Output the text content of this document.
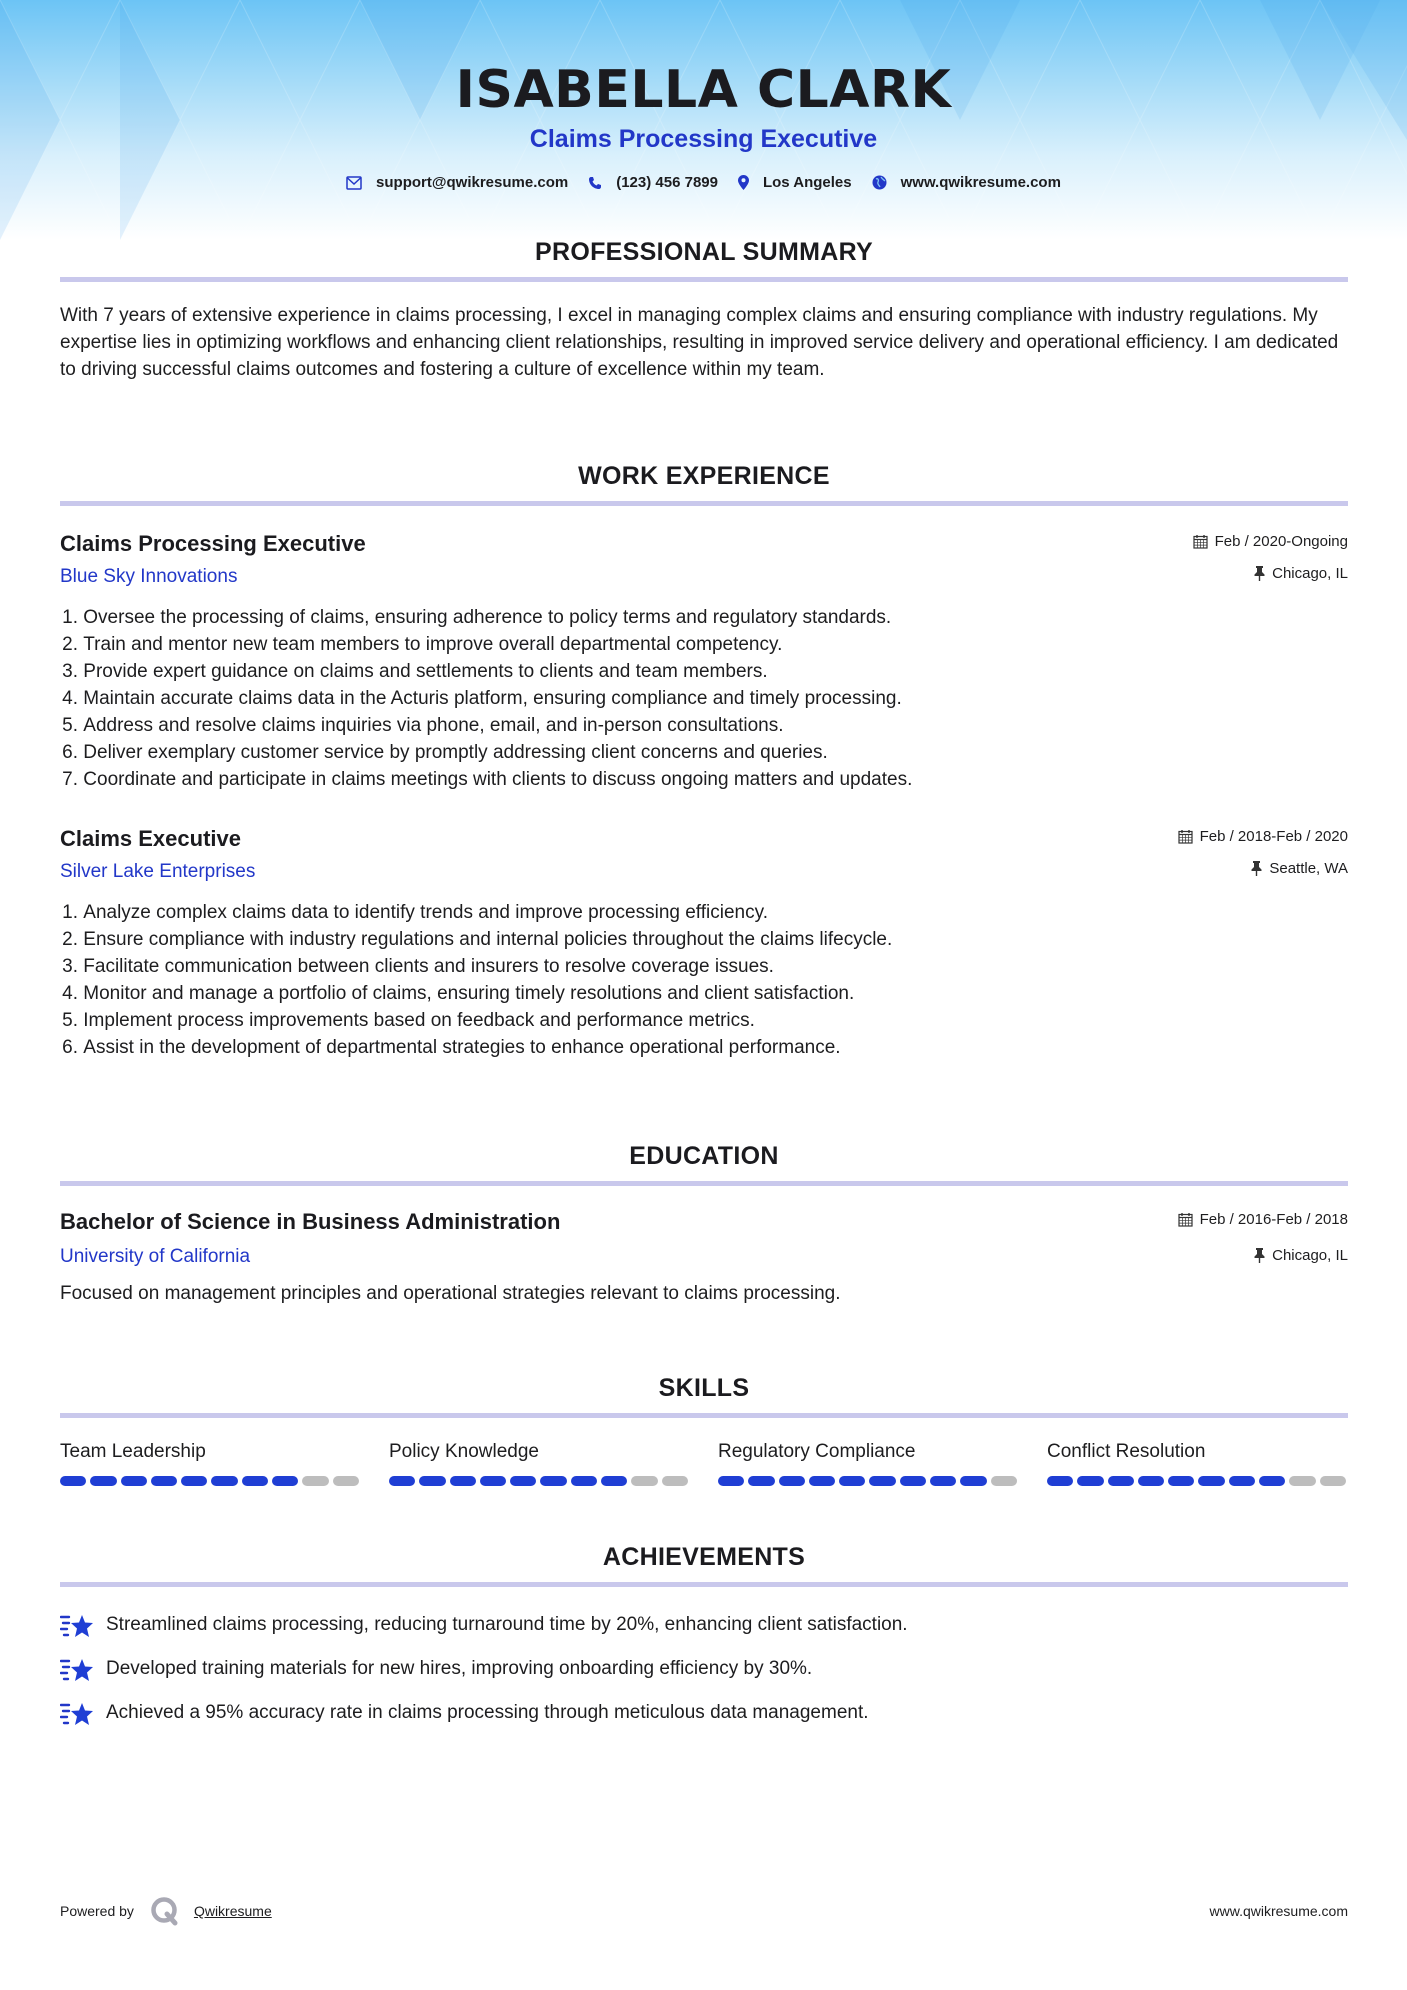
ISABELLA CLARK
Claims Processing Executive
support@qwikresume.com	(123) 456 7899	Los Angeles	www.qwikresume.com
PROFESSIONAL SUMMARY
With 7 years of extensive experience in claims processing, I excel in managing complex claims and ensuring compliance with industry regulations. My expertise lies in optimizing workflows and enhancing client relationships, resulting in improved service delivery and operational efficiency. I am dedicated to driving successful claims outcomes and fostering a culture of excellence within my team.
WORK EXPERIENCE
Claims Processing Executive
Blue Sky Innovations
Feb / 2020-Ongoing
Chicago, IL
1.
Oversee the processing of claims, ensuring adherence to policy terms and regulatory standards.
2.
Train and mentor new team members to improve overall departmental competency.
3.
Provide expert guidance on claims and settlements to clients and team members.
4.
Maintain accurate claims data in the Acturis platform, ensuring compliance and timely processing.
5.
Address and resolve claims inquiries via phone, email, and in-person consultations.
6.
Deliver exemplary customer service by promptly addressing client concerns and queries.
7.
Coordinate and participate in claims meetings with clients to discuss ongoing matters and updates.
Claims Executive
Silver Lake Enterprises
Feb / 2018-Feb / 2020
Seattle, WA
1.
Analyze complex claims data to identify trends and improve processing efficiency.
2.
Ensure compliance with industry regulations and internal policies throughout the claims lifecycle.
3.
Facilitate communication between clients and insurers to resolve coverage issues.
4.
Monitor and manage a portfolio of claims, ensuring timely resolutions and client satisfaction.
5.
Implement process improvements based on feedback and performance metrics.
6.
Assist in the development of departmental strategies to enhance operational performance.
EDUCATION
Bachelor of Science in Business Administration
University of California
Feb / 2016-Feb / 2018
Chicago, IL
Focused on management principles and operational strategies relevant to claims processing.
SKILLS
Team Leadership	Policy Knowledge	Regulatory Compliance	Conflict Resolution
ACHIEVEMENTS
Streamlined claims processing, reducing turnaround time by 20%, enhancing client satisfaction.
Developed training materials for new hires, improving onboarding efficiency by 30%.
Achieved a 95% accuracy rate in claims processing through meticulous data management.
Powered by	Qwikresume	www.qwikresume.com
